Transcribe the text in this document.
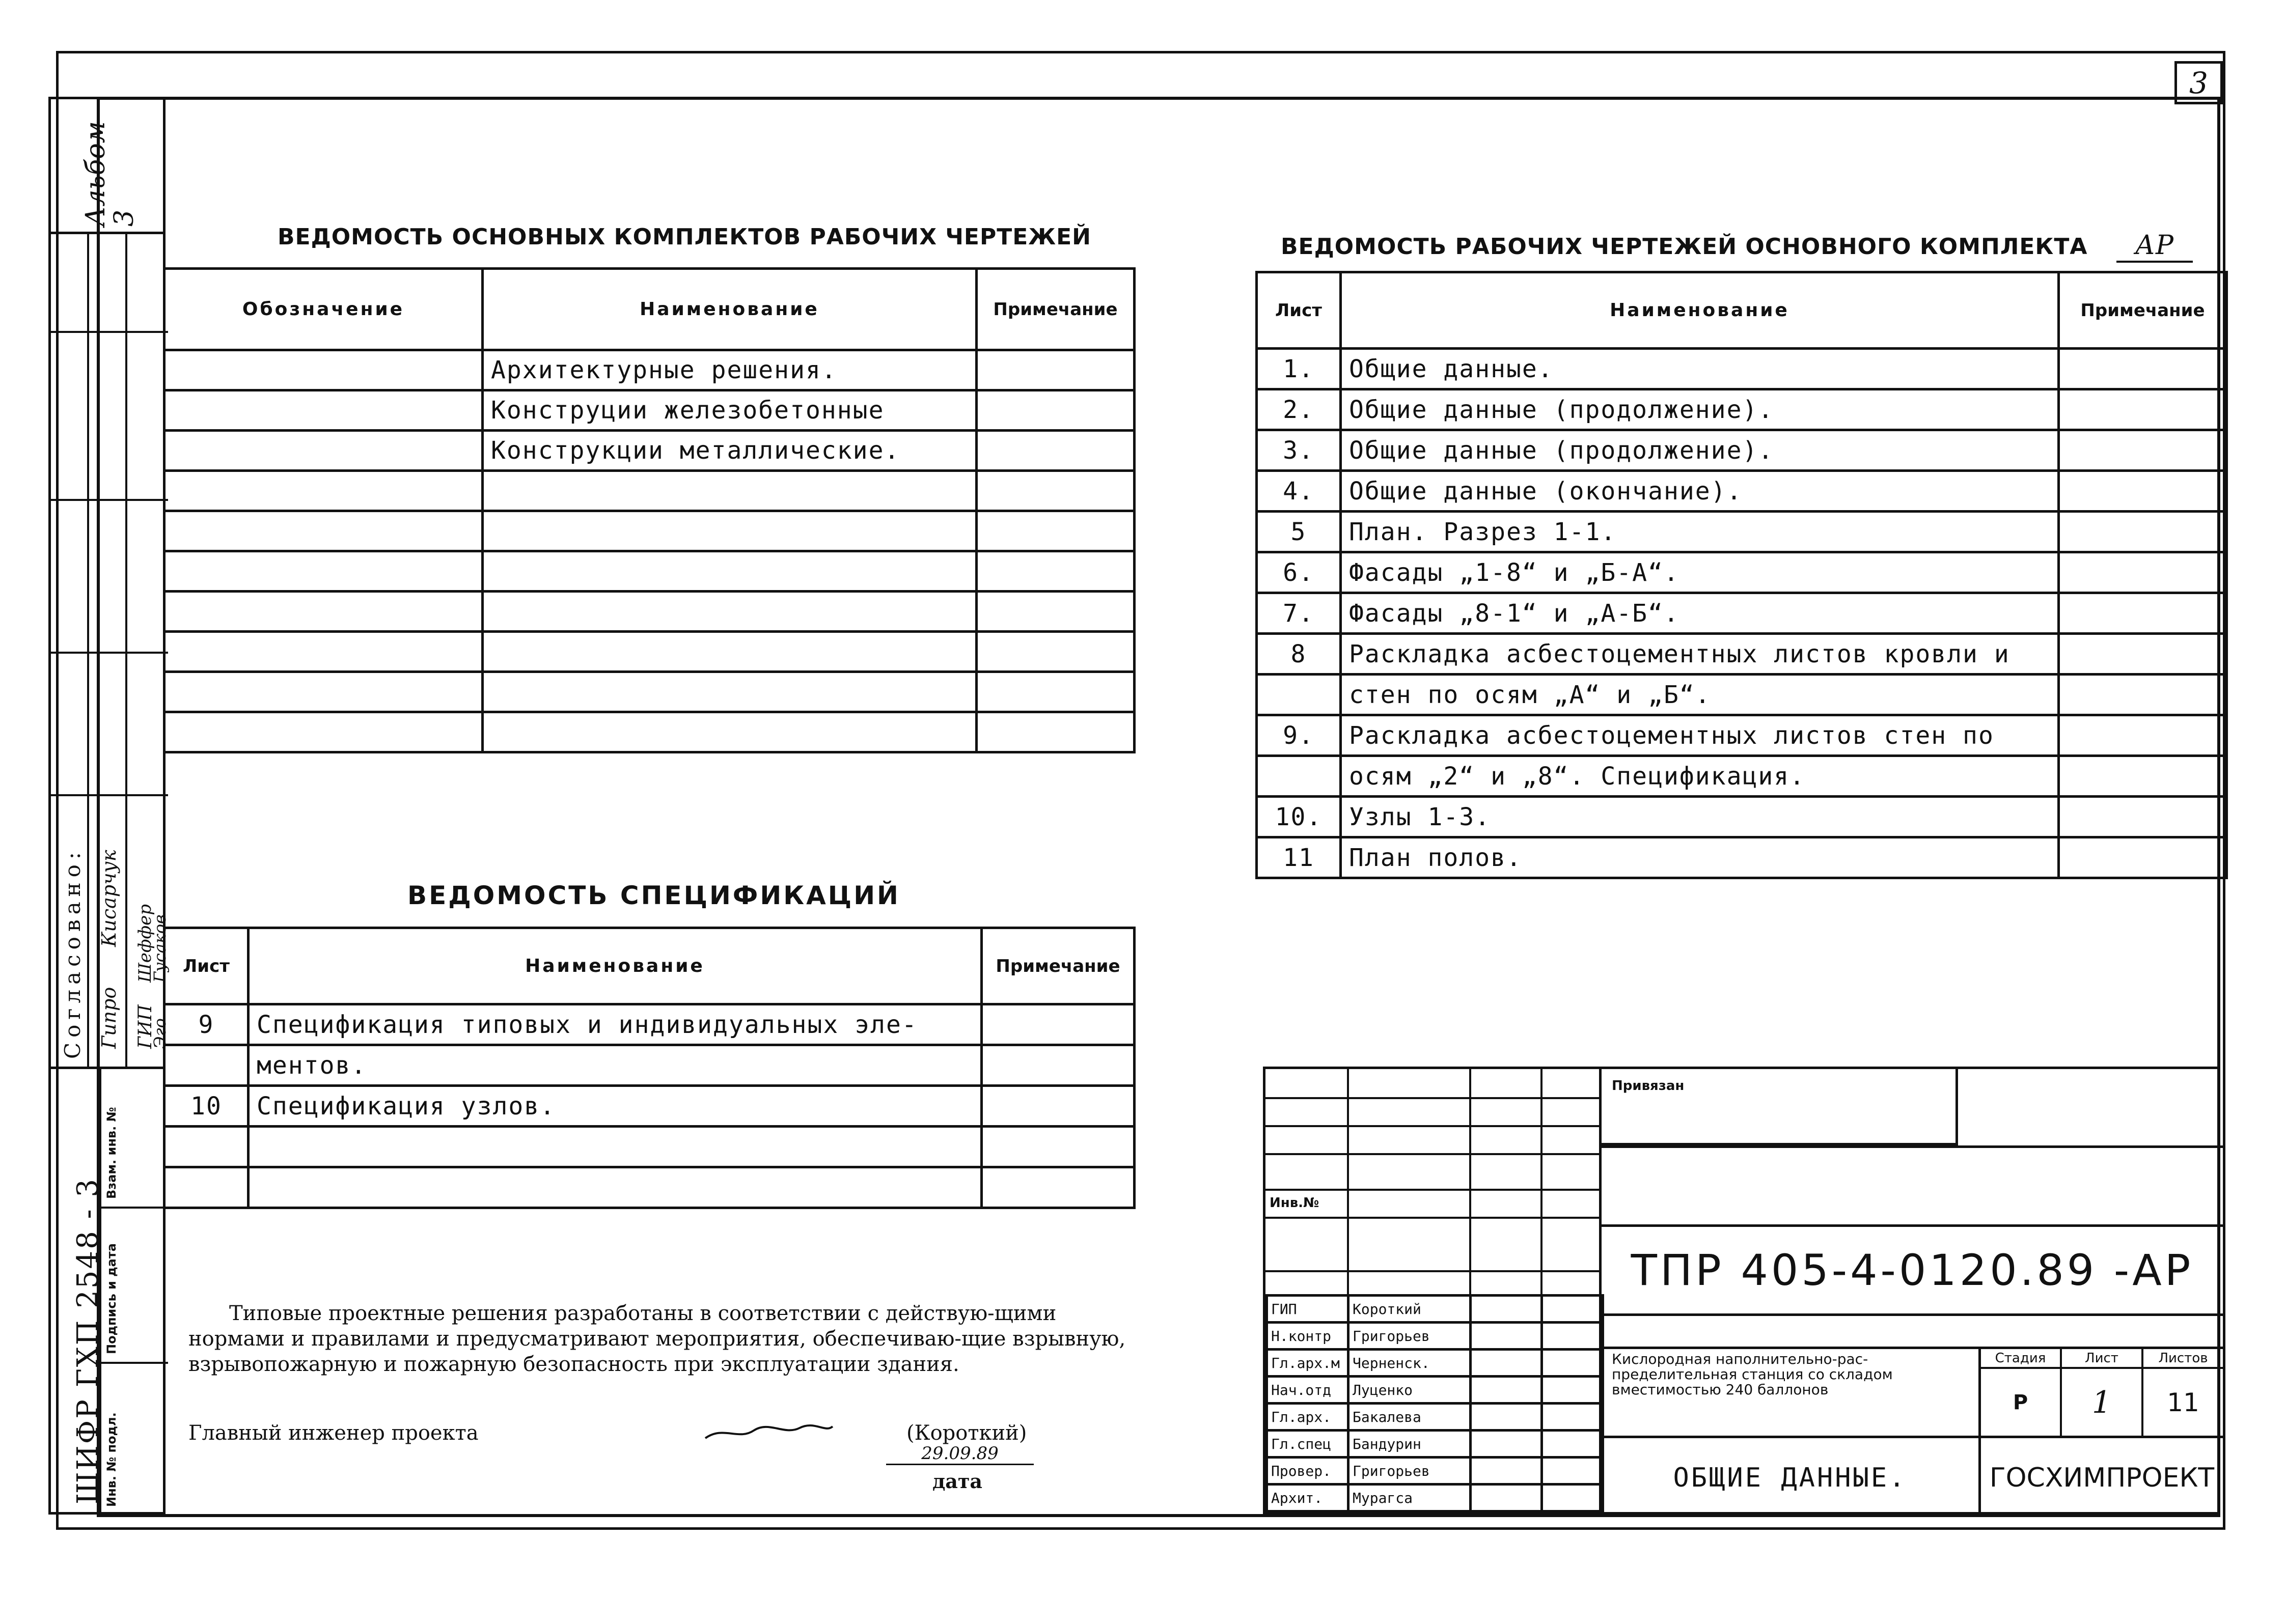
3
Альбом
3
Согласовано: Гипро
Кисарчук
ГИП
Шеффер
Эго
Гусаков
ШИФР ГХП 2548 - 3
Взам. инв. №
Подпись и дата
Инв. № подл.
ВЕДОМОСТЬ ОСНОВНЫХ КОМПЛЕКТОВ РАБОЧИХ ЧЕРТЕЖЕЙ
Обозначение	Наименование	Примечание
	Архитектурные решения.	
	Конструции железобетонные	
	Конструкции металлические.	

ВЕДОМОСТЬ РАБОЧИХ ЧЕРТЕЖЕЙ ОСНОВНОГО КОМПЛЕКТА АР
Лист	Наименование	Примечание
1.	Общие данные.	
2.	Общие данные (продолжение).	
3.	Общие данные (продолжение).	
4.	Общие данные (окончание).	
5	План. Разрез 1-1.	
6.	Фасады „1-8“ и „Б-А“.	
7.	Фасады „8-1“ и „А-Б“.	
8	Раскладка асбестоцементных листов кровли и	
	стен по осям „А“ и „Б“.	
9.	Раскладка асбестоцементных листов стен по	
	осям „2“ и „8“. Спецификация.	
10.	Узлы 1-3.	
11	План полов.	
ВЕДОМОСТЬ СПЕЦИФИКАЦИЙ
Лист	Наименование	Примечание
9	Спецификация типовых и индивидуальных эле-	
	ментов.	
10	Спецификация узлов.	

Типовые проектные решения разработаны в соответствии с действую-щими нормами и правилами и предусматривают мероприятия, обеспечиваю-щие взрывную, взрывопожарную и пожарную безопасность при эксплуатации здания.
Главный инженер проекта	(Короткий)
29.09.89
дата
Инв.№
ГИП	Короткий		
Н.контр	Григорьев		
Гл.арх.м	Черненск.		
Нач.отд	Луценко		
Гл.арх.	Бакалева		
Гл.спец	Бандурин		
Провер.	Григорьев		
Архит.	Мурагса		
Привязан
ТПР 405-4-0120.89 -АР
Кислородная наполнительно-рас-пределительная станция со складом вместимостью 240 баллонов
Стадия	Лист	Листов
Р	1	11
ОБЩИЕ ДАННЫЕ.	ГОСХИМПРОЕКТ
